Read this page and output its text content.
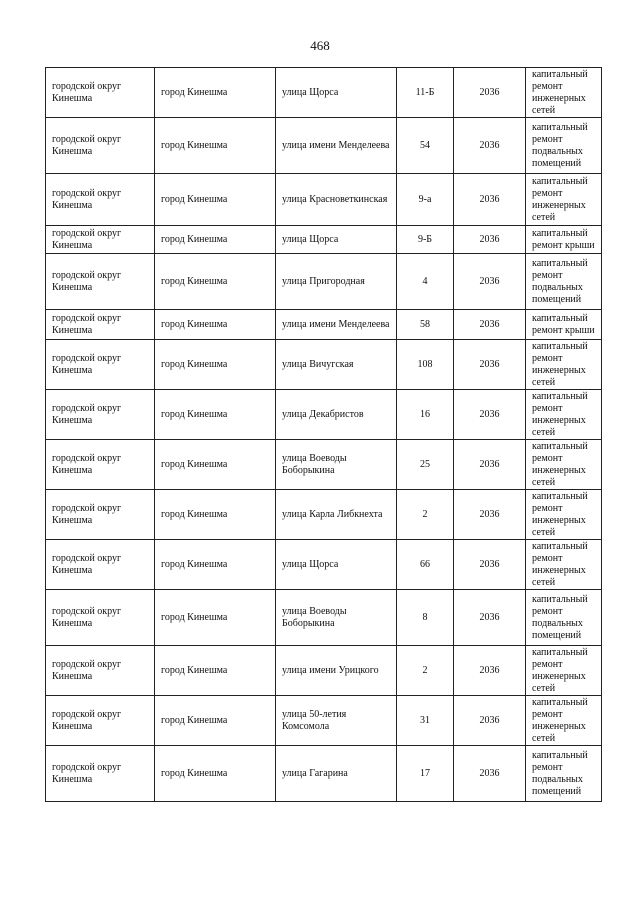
468
городской округ Кинешма	город Кинешма	улица Щорса	11-Б	2036	капитальный ремонт инженерных сетей
городской округ Кинешма	город Кинешма	улица имени Менделеева	54	2036	капитальный ремонт подвальных помещений
городской округ Кинешма	город Кинешма	улица Красноветкинская	9-а	2036	капитальный ремонт инженерных сетей
городской округ Кинешма	город Кинешма	улица Щорса	9-Б	2036	капитальный ремонт крыши
городской округ Кинешма	город Кинешма	улица Пригородная	4	2036	капитальный ремонт подвальных помещений
городской округ Кинешма	город Кинешма	улица имени Менделеева	58	2036	капитальный ремонт крыши
городской округ Кинешма	город Кинешма	улица Вичугская	108	2036	капитальный ремонт инженерных сетей
городской округ Кинешма	город Кинешма	улица Декабристов	16	2036	капитальный ремонт инженерных сетей
городской округ Кинешма	город Кинешма	улица Воеводы Боборыкина	25	2036	капитальный ремонт инженерных сетей
городской округ Кинешма	город Кинешма	улица Карла Либкнехта	2	2036	капитальный ремонт инженерных сетей
городской округ Кинешма	город Кинешма	улица Щорса	66	2036	капитальный ремонт инженерных сетей
городской округ Кинешма	город Кинешма	улица Воеводы Боборыкина	8	2036	капитальный ремонт подвальных помещений
городской округ Кинешма	город Кинешма	улица имени Урицкого	2	2036	капитальный ремонт инженерных сетей
городской округ Кинешма	город Кинешма	улица 50-летия Комсомола	31	2036	капитальный ремонт инженерных сетей
городской округ Кинешма	город Кинешма	улица Гагарина	17	2036	капитальный ремонт подвальных помещений
